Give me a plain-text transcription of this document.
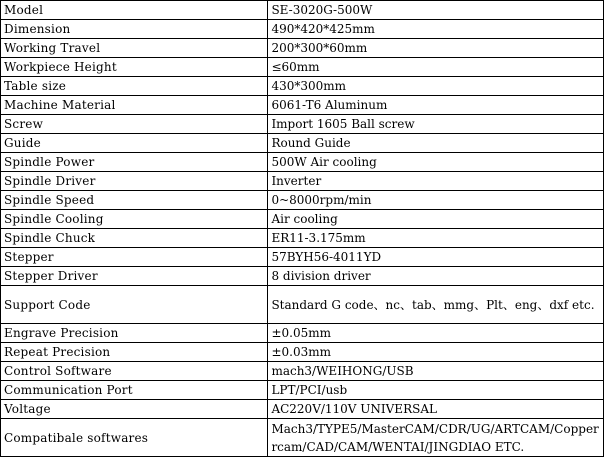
Model	SE-3020G-500W
Dimension	490*420*425mm
Working Travel	200*300*60mm
Workpiece Height	≤60mm
Table size	430*300mm
Machine Material	6061-T6 Aluminum
Screw	Import 1605 Ball screw
Guide	Round Guide
Spindle Power	500W Air cooling
Spindle Driver	Inverter
Spindle Speed	0~8000rpm/min
Spindle Cooling	Air cooling
Spindle Chuck	ER11-3.175mm
Stepper	57BYH56-4011YD
Stepper Driver	8 division driver
Support Code	Standard G code、nc、tab、mmg、Plt、eng、dxf etc.
Engrave Precision	±0.05mm
Repeat Precision	±0.03mm
Control Software	mach3/WEIHONG/USB
Communication Port	LPT/PCI/usb
Voltage	AC220V/110V UNIVERSAL
Compatibale softwares	Mach3/TYPE5/MasterCAM/CDR/UG/ARTCAM/Copperrcam/CAD/CAM/WENTAI/JINGDIAO ETC.
